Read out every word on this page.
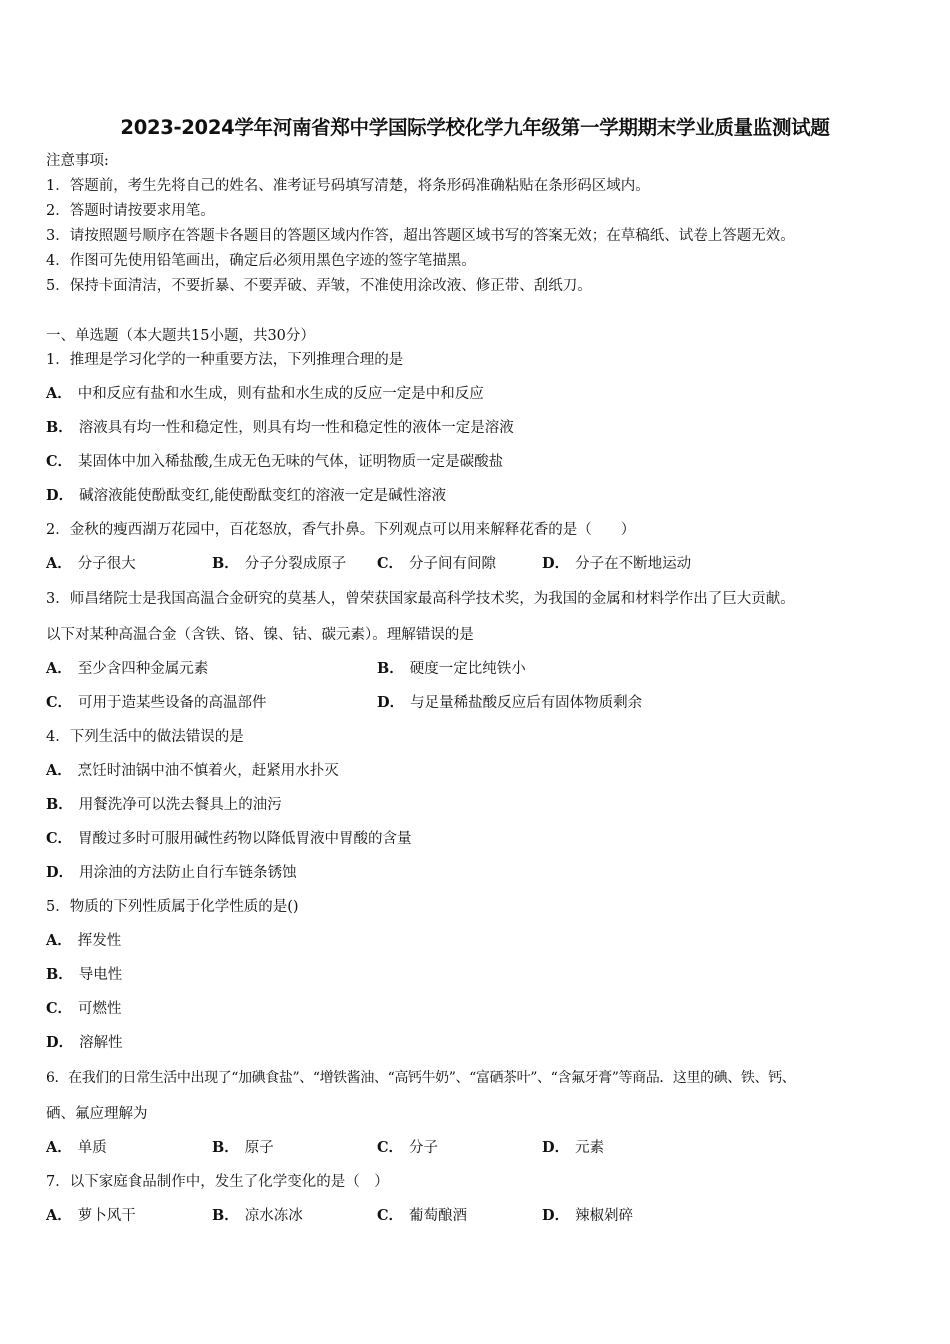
2023-2024学年河南省郑中学国际学校化学九年级第一学期期末学业质量监测试题
注意事项:
1．答题前，考生先将自己的姓名、准考证号码填写清楚，将条形码准确粘贴在条形码区域内。
2．答题时请按要求用笔。
3．请按照题号顺序在答题卡各题目的答题区域内作答，超出答题区域书写的答案无效；在草稿纸、试卷上答题无效。
4．作图可先使用铅笔画出，确定后必须用黑色字迹的签字笔描黑。
5．保持卡面清洁，不要折暴、不要弄破、弄皱，不准使用涂改液、修正带、刮纸刀。
一、单选题（本大题共15小题，共30分）
1．推理是学习化学的一种重要方法，下列推理合理的是
A． 中和反应有盐和水生成，则有盐和水生成的反应一定是中和反应
B． 溶液具有均一性和稳定性，则具有均一性和稳定性的液体一定是溶液
C． 某固体中加入稀盐酸,生成无色无味的气体，证明物质一定是碳酸盐
D． 碱溶液能使酚酞变红,能使酚酞变红的溶液一定是碱性溶液
2．金秋的瘦西湖万花园中，百花怒放，香气扑鼻。下列观点可以用来解释花香的是（　　）
A． 分子很大	B． 分子分裂成原子 C． 分子间有间隙	D． 分子在不断地运动
3．师昌绪院士是我国高温合金研究的莫基人，曾荣获国家最高科学技术奖，为我国的金属和材料学作出了巨大贡献。
以下对某种高温合金（含铁、铬、镍、钴、碳元素）。理解错误的是
A． 至少含四种金属元素	B． 硬度一定比纯铁小
C． 可用于造某些设备的高温部件	D． 与足量稀盐酸反应后有固体物质剩余
4．下列生活中的做法错误的是
A． 烹饪时油锅中油不慎着火，赶紧用水扑灭
B． 用餐洗净可以洗去餐具上的油污
C． 胃酸过多时可服用碱性药物以降低胃液中胃酸的含量
D． 用涂油的方法防止自行车链条锈蚀
5．物质的下列性质属于化学性质的是()
A． 挥发性
B． 导电性
C． 可燃性
D． 溶解性
6．在我们的日常生活中出现了“加碘食盐”、“增铁酱油、“高钙牛奶”、“富硒茶叶”、“含氟牙膏”等商品．这里的碘、铁、钙、
硒、氟应理解为
A． 单质	B． 原子	C． 分子	D． 元素
7．以下家庭食品制作中，发生了化学变化的是（　）
A． 萝卜风干	B． 凉水冻冰	C． 葡萄酿酒	D． 辣椒剁碎
